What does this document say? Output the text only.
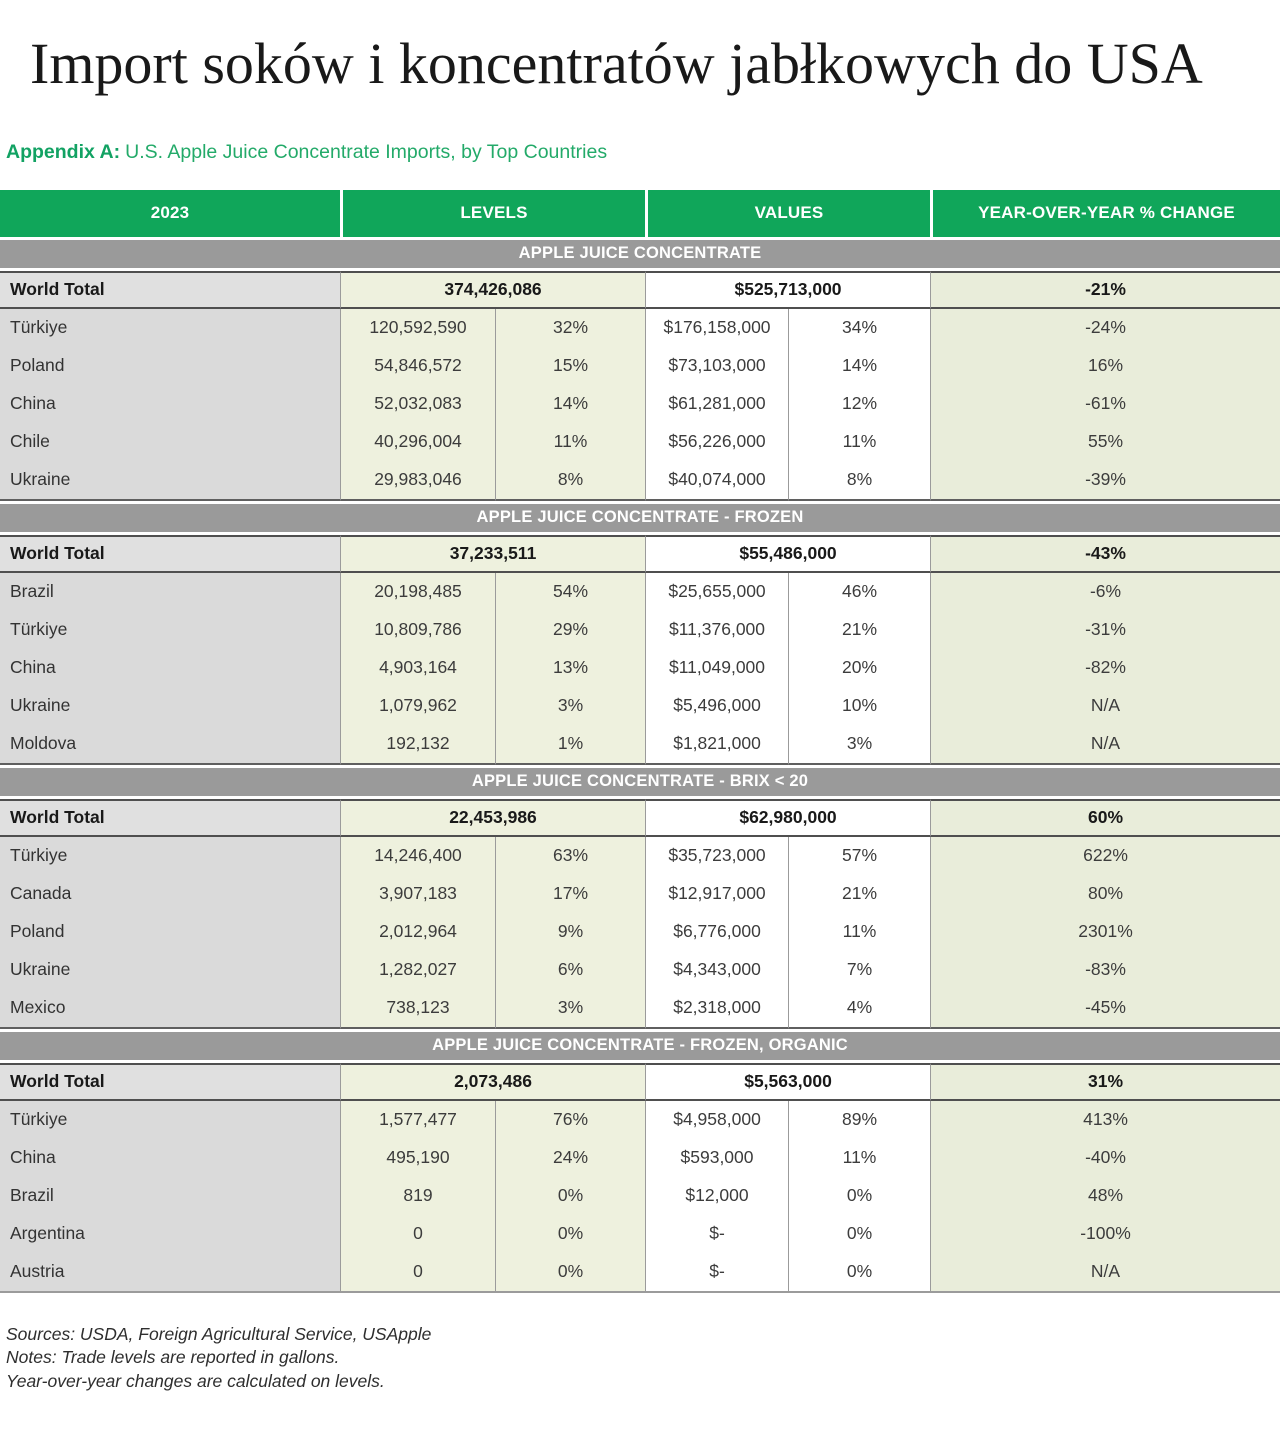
Import soków i koncentratów jabłkowych do USA

Appendix A: U.S. Apple Juice Concentrate Imports, by Top Countries

2023	LEVELS		VALUES		YEAR-OVER-YEAR % CHANGE
APPLE JUICE CONCENTRATE					
World Total	374,426,086		$525,713,000		-21%
Türkiye	120,592,590	32%	$176,158,000	34%	-24%
Poland	54,846,572	15%	$73,103,000	14%	16%
China	52,032,083	14%	$61,281,000	12%	-61%
Chile	40,296,004	11%	$56,226,000	11%	55%
Ukraine	29,983,046	8%	$40,074,000	8%	-39%
APPLE JUICE CONCENTRATE - FROZEN					
World Total	37,233,511		$55,486,000		-43%
Brazil	20,198,485	54%	$25,655,000	46%	-6%
Türkiye	10,809,786	29%	$11,376,000	21%	-31%
China	4,903,164	13%	$11,049,000	20%	-82%
Ukraine	1,079,962	3%	$5,496,000	10%	N/A
Moldova	192,132	1%	$1,821,000	3%	N/A
APPLE JUICE CONCENTRATE - BRIX < 20					
World Total	22,453,986		$62,980,000		60%
Türkiye	14,246,400	63%	$35,723,000	57%	622%
Canada	3,907,183	17%	$12,917,000	21%	80%
Poland	2,012,964	9%	$6,776,000	11%	2301%
Ukraine	1,282,027	6%	$4,343,000	7%	-83%
Mexico	738,123	3%	$2,318,000	4%	-45%
APPLE JUICE CONCENTRATE - FROZEN, ORGANIC					
World Total	2,073,486		$5,563,000		31%
Türkiye	1,577,477	76%	$4,958,000	89%	413%
China	495,190	24%	$593,000	11%	-40%
Brazil	819	0%	$12,000	0%	48%
Argentina	0	0%	$-	0%	-100%
Austria	0	0%	$-	0%	N/A

Sources: USDA, Foreign Agricultural Service, USApple

Notes: Trade levels are reported in gallons.

Year-over-year changes are calculated on levels.
